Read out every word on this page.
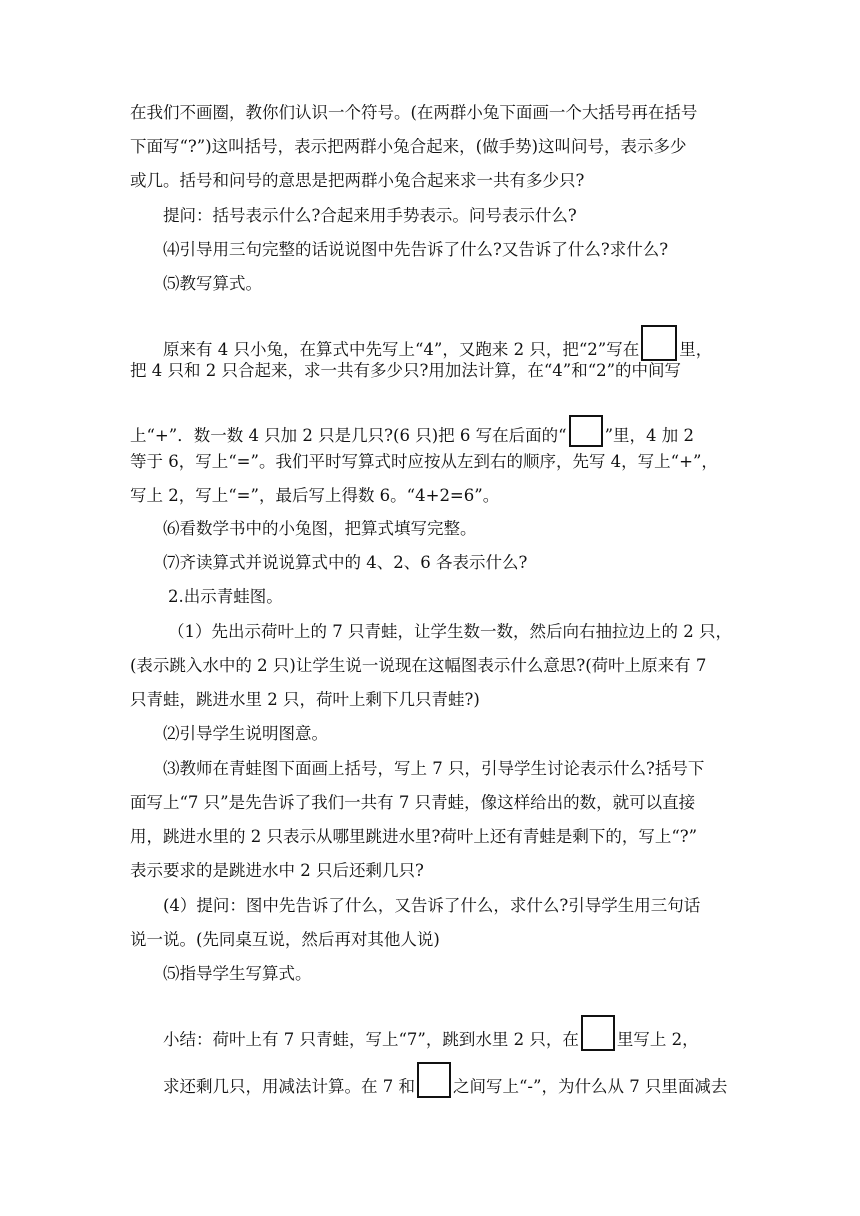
在我们不画圈，教你们认识一个符号。(在两群小兔下面画一个大括号再在括号
下面写“?”)这叫括号，表示把两群小兔合起来，(做手势)这叫问号，表示多少
或几。括号和问号的意思是把两群小兔合起来求一共有多少只?
提问：括号表示什么?合起来用手势表示。问号表示什么?
⑷引导用三句完整的话说说图中先告诉了什么?又告诉了什么?求什么?
⑸教写算式。
原来有 4 只小兔，在算式中先写上“4”，又跑来 2 只，把“2”写在 里，
把 4 只和 2 只合起来，求一共有多少只?用加法计算，在“4”和“2”的中间写
上“+”．数一数 4 只加 2 只是几只?(6 只)把 6 写在后面的“ ”里，4 加 2
等于 6，写上“=”。我们平时写算式时应按从左到右的顺序，先写 4，写上“+”，
写上 2，写上“=”，最后写上得数 6。“4+2=6”。
⑹看数学书中的小兔图，把算式填写完整。
⑺齐读算式并说说算式中的 4、2、6 各表示什么?
2.出示青蛙图。
（1）先出示荷叶上的 7 只青蛙，让学生数一数，然后向右抽拉边上的 2 只，
(表示跳入水中的 2 只)让学生说一说现在这幅图表示什么意思?(荷叶上原来有 7
只青蛙，跳进水里 2 只，荷叶上剩下几只青蛙?)
⑵引导学生说明图意。
⑶教师在青蛙图下面画上括号，写上 7 只，引导学生讨论表示什么?括号下
面写上“7 只”是先告诉了我们一共有 7 只青蛙，像这样给出的数，就可以直接
用，跳进水里的 2 只表示从哪里跳进水里?荷叶上还有青蛙是剩下的，写上“?”
表示要求的是跳进水中 2 只后还剩几只?
(4）提问：图中先告诉了什么，又告诉了什么，求什么?引导学生用三句话
说一说。(先同桌互说，然后再对其他人说)
⑸指导学生写算式。
小结：荷叶上有 7 只青蛙，写上“7”，跳到水里 2 只，在 里写上 2，
求还剩几只，用减法计算。在 7 和 之间写上“-”，为什么从 7 只里面减去
